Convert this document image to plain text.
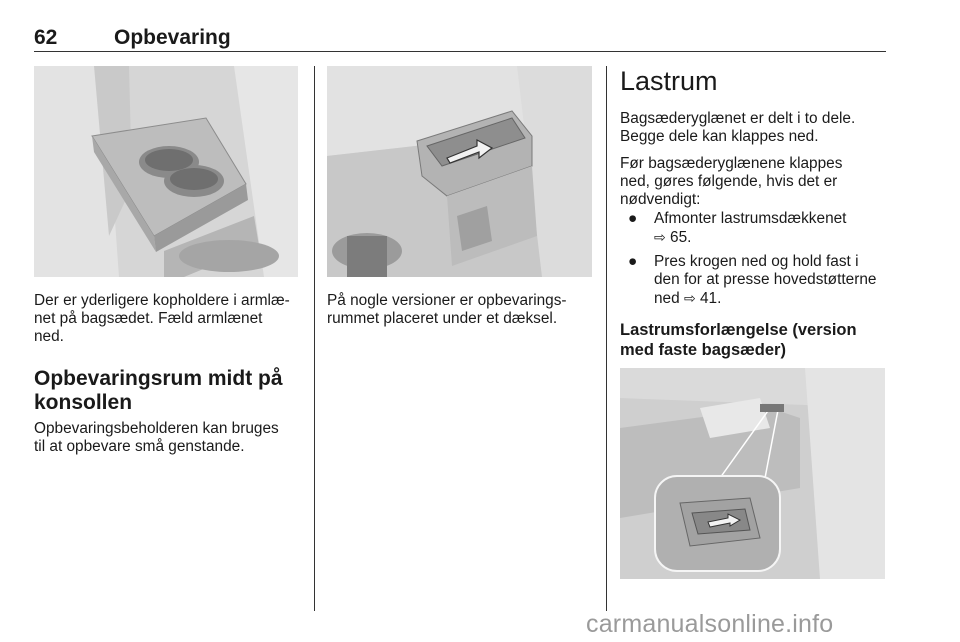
62	Opbevaring

Der er yderligere kopholdere i armlæ-
net på bagsædet. Fæld armlænet
ned.

Opbevaringsrum midt på
konsollen

Opbevaringsbeholderen kan bruges
til at opbevare små genstande.

På nogle versioner er opbevarings-
rummet placeret under et dæksel.

Lastrum

Bagsæderyglænet er delt i to dele.
Begge dele kan klappes ned.

Før bagsæderyglænene klappes
ned, gøres følgende, hvis det er
nødvendigt:

● Afmonter lastrumsdækkenet
⇨ 65.
● Pres krogen ned og hold fast i
den for at presse hovedstøtterne
ned ⇨ 41.
Lastrumsforlængelse (version
med faste bagsæder)
carmanualsonline.info
